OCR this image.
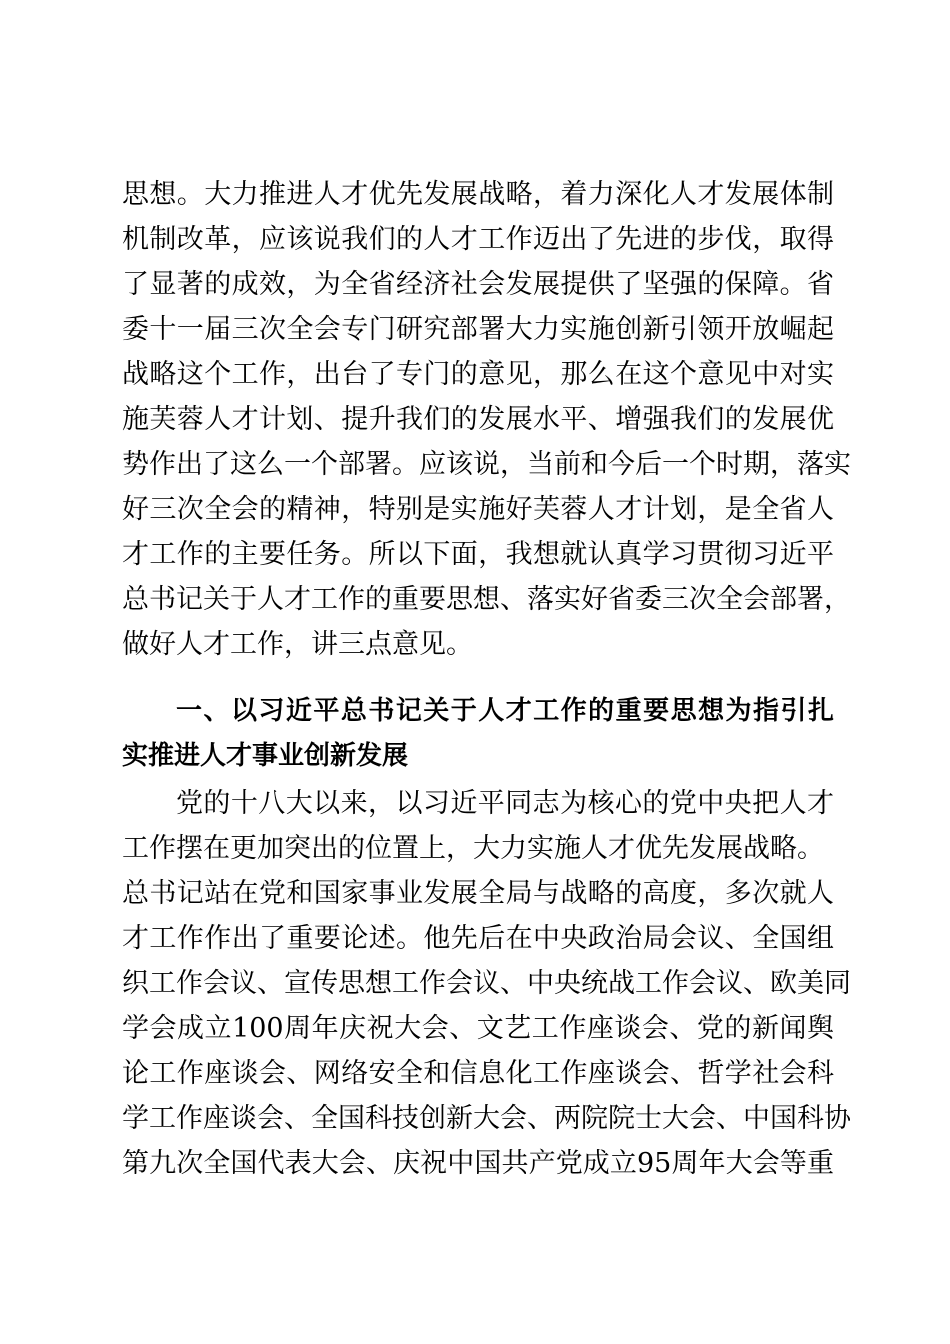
思想。大力推进人才优先发展战略，着力深化人才发展体制
机制改革，应该说我们的人才工作迈出了先进的步伐，取得
了显著的成效，为全省经济社会发展提供了坚强的保障。省
委十一届三次全会专门研究部署大力实施创新引领开放崛起
战略这个工作，出台了专门的意见，那么在这个意见中对实
施芙蓉人才计划、提升我们的发展水平、增强我们的发展优
势作出了这么一个部署。应该说，当前和今后一个时期，落实
好三次全会的精神，特别是实施好芙蓉人才计划，是全省人
才工作的主要任务。所以下面，我想就认真学习贯彻习近平
总书记关于人才工作的重要思想、落实好省委三次全会部署，
做好人才工作，讲三点意见。
一、以习近平总书记关于人才工作的重要思想为指引扎
实推进人才事业创新发展
党的十八大以来，以习近平同志为核心的党中央把人才
工作摆在更加突出的位置上，大力实施人才优先发展战略。
总书记站在党和国家事业发展全局与战略的高度，多次就人
才工作作出了重要论述。他先后在中央政治局会议、全国组
织工作会议、宣传思想工作会议、中央统战工作会议、欧美同
学会成立100周年庆祝大会、文艺工作座谈会、党的新闻舆
论工作座谈会、网络安全和信息化工作座谈会、哲学社会科
学工作座谈会、全国科技创新大会、两院院士大会、中国科协
第九次全国代表大会、庆祝中国共产党成立95周年大会等重
